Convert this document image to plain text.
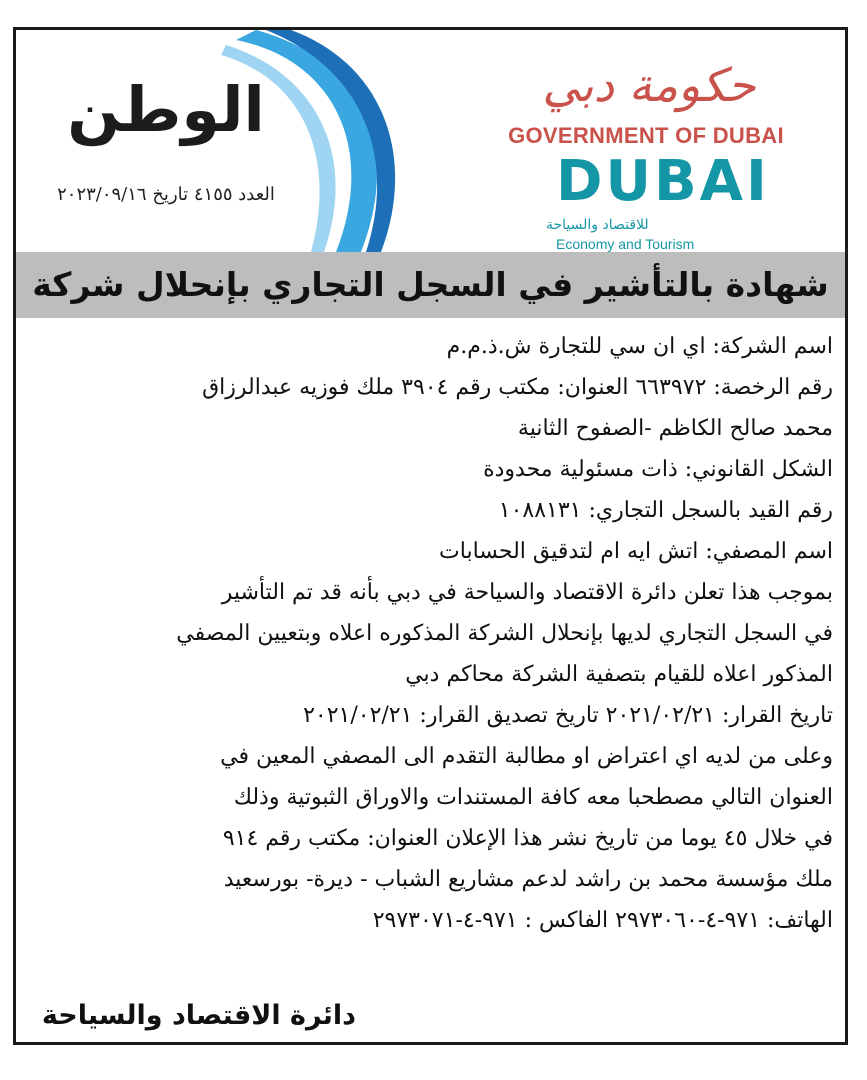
الوطن
العدد ٤١٥٥ تاريخ ٢٠٢٣/٠٩/١٦
حكومة دبي
GOVERNMENT OF DUBAI
DUBAI
للاقتصاد والسياحة
Economy and Tourism
شهادة بالتأشير في السجل التجاري بإنحلال شركة
اسم الشركة: اي ان سي للتجارة ش.ذ.م.م
رقم الرخصة: ٦٦٣٩٧٢ العنوان: مكتب رقم ٣٩٠٤ ملك فوزيه عبدالرزاق
محمد صالح الكاظم -الصفوح الثانية
الشكل القانوني: ذات مسئولية محدودة
رقم القيد بالسجل التجاري: ١٠٨٨١٣١
اسم المصفي: اتش ايه ام لتدقيق الحسابات
بموجب هذا تعلن دائرة الاقتصاد والسياحة في دبي بأنه قد تم التأشير
في السجل التجاري لديها بإنحلال الشركة المذكوره اعلاه وبتعيين المصفي
المذكور اعلاه للقيام بتصفية الشركة محاكم دبي
تاريخ القرار: ٢٠٢١/٠٢/٢١ تاريخ تصديق القرار: ٢٠٢١/٠٢/٢١
وعلى من لديه اي اعتراض او مطالبة التقدم الى المصفي المعين في
العنوان التالي مصطحبا معه كافة المستندات والاوراق الثبوتية وذلك
في خلال ٤٥ يوما من تاريخ نشر هذا الإعلان العنوان: مكتب رقم ٩١٤
ملك مؤسسة محمد بن راشد لدعم مشاريع الشباب - ديرة- بورسعيد
الهاتف: ٩٧١-٤-٢٩٧٣٠٦٠ الفاكس : ٩٧١-٤-٢٩٧٣٠٧١
دائرة الاقتصاد والسياحة
